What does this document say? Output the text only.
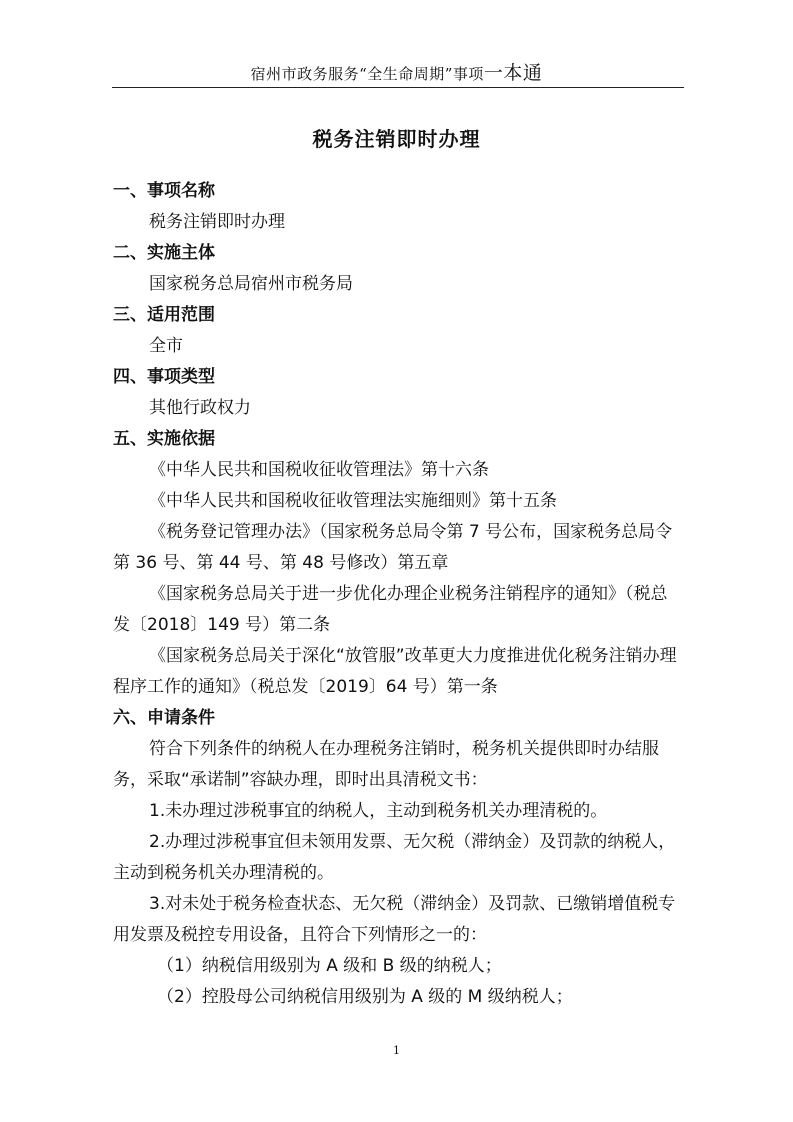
宿州市政务服务“全生命周期”事项一本通
税务注销即时办理
一、事项名称
税务注销即时办理
二、实施主体
国家税务总局宿州市税务局
三、适用范围
全市
四、事项类型
其他行政权力
五、实施依据
《中华人民共和国税收征收管理法》第十六条
《中华人民共和国税收征收管理法实施细则》第十五条
《税务登记管理办法》（国家税务总局令第 7 号公布，国家税务总局令第 36 号、第 44 号、第 48 号修改）第五章
《国家税务总局关于进一步优化办理企业税务注销程序的通知》（税总发〔2018〕149 号）第二条
《国家税务总局关于深化“放管服”改革更大力度推进优化税务注销办理程序工作的通知》（税总发〔2019〕64 号）第一条
六、申请条件
符合下列条件的纳税人在办理税务注销时，税务机关提供即时办结服务，采取“承诺制”容缺办理，即时出具清税文书：
1.未办理过涉税事宜的纳税人，主动到税务机关办理清税的。
2.办理过涉税事宜但未领用发票、无欠税（滞纳金）及罚款的纳税人，主动到税务机关办理清税的。
3.对未处于税务检查状态、无欠税（滞纳金）及罚款、已缴销增值税专用发票及税控专用设备，且符合下列情形之一的：
（1）纳税信用级别为 A 级和 B 级的纳税人；
（2）控股母公司纳税信用级别为 A 级的 M 级纳税人；
1
